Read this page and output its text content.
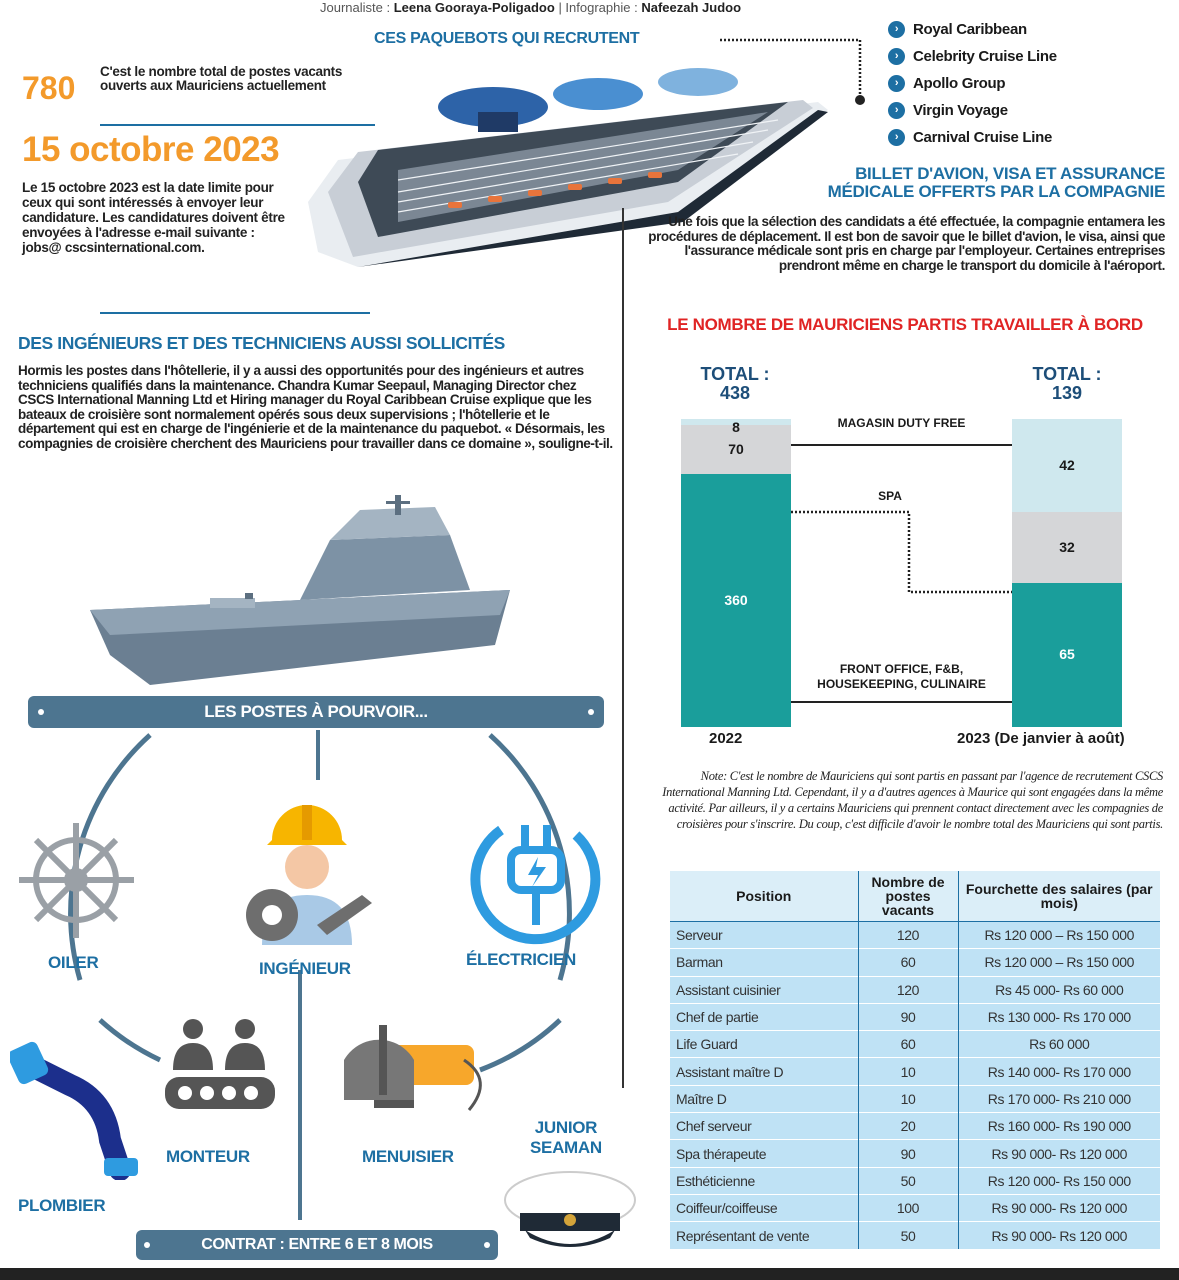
Journaliste : Leena Gooraya-Poligadoo | Infographie : Nafeezah Judoo
CES PAQUEBOTS QUI RECRUTENT
› Royal Caribbean
› Celebrity Cruise Line
› Apollo Group
› Virgin Voyage
› Carnival Cruise Line
780 C'est le nombre total de postes vacants ouverts aux Mauriciens actuellement
15 octobre 2023
Le 15 octobre 2023 est la date limite pour ceux qui sont intéressés à envoyer leur candidature. Les candidatures doivent être envoyées à l'adresse e-mail suivante : jobs@ cscsinternational.com.
DES INGÉNIEURS ET DES TECHNICIENS AUSSI SOLLICITÉS
Hormis les postes dans l'hôtellerie, il y a aussi des opportunités pour des ingénieurs et autres techniciens qualifiés dans la maintenance. Chandra Kumar Seepaul, Managing Director chez CSCS International Manning Ltd et Hiring manager du Royal Caribbean Cruise explique que les bateaux de croisière sont normalement opérés sous deux supervisions ; l'hôtellerie et le département qui est en charge de l'ingénierie et de la maintenance du paquebot. « Désormais, les compagnies de croisière cherchent des Mauriciens pour travailler dans ce domaine », souligne-t-il.
BILLET D'AVION, VISA ET ASSURANCE
MÉDICALE OFFERTS PAR LA COMPAGNIE
Une fois que la sélection des candidats a été effectuée, la compagnie entamera les procédures de déplacement. Il est bon de savoir que le billet d'avion, le visa, ainsi que l'assurance médicale sont pris en charge par l'employeur. Certaines entreprises prendront même en charge le transport du domicile à l'aéroport.
LE NOMBRE DE MAURICIENS PARTIS TRAVAILLER À BORD
TOTAL :
438
TOTAL :
139
360
70
8
65
32
42
MAGASIN DUTY FREE
SPA
FRONT OFFICE, F&B, HOUSEKEEPING, CULINAIRE
2022	2023 (De janvier à août)
Note: C'est le nombre de Mauriciens qui sont partis en passant par l'agence de recrutement CSCS International Manning Ltd. Cependant, il y a d'autres agences à Maurice qui sont engagées dans la même activité. Par ailleurs, il y a certains Mauriciens qui prennent contact directement avec les compagnies de croisières pour s'inscrire. Du coup, c'est difficile d'avoir le nombre total des Mauriciens qui sont partis.
Position	Nombre de postes vacants	Fourchette des salaires (par mois)
Serveur	120	Rs 120 000 – Rs 150 000
Barman	60	Rs 120 000 – Rs 150 000
Assistant cuisinier	120	Rs 45 000- Rs 60 000
Chef de partie	90	Rs 130 000- Rs 170 000
Life Guard	60	Rs 60 000
Assistant maître D	10	Rs 140 000- Rs 170 000
Maître D	10	Rs 170 000- Rs 210 000
Chef serveur	20	Rs 160 000- Rs 190 000
Spa thérapeute	90	Rs 90 000- Rs 120 000
Esthéticienne	50	Rs 120 000- Rs 150 000
Coiffeur/coiffeuse	100	Rs 90 000- Rs 120 000
Représentant de vente	50	Rs 90 000- Rs 120 000
LES POSTES À POURVOIR...
OILER	INGÉNIEUR	ÉLECTRICIEN
PLOMBIER
MONTEUR	MENUISIER
JUNIOR
SEAMAN
CONTRAT : ENTRE 6 ET 8 MOIS
